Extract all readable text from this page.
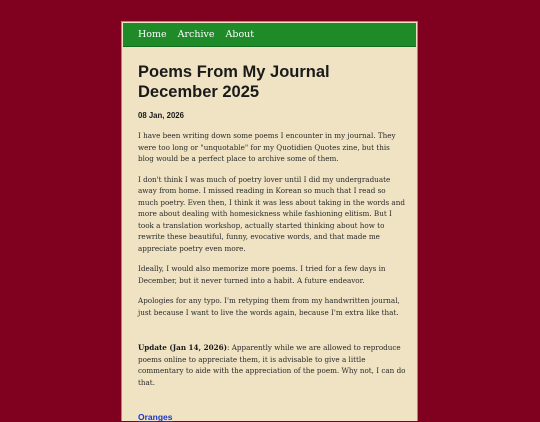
Home Archive About
Poems From My Journal December 2025
08 Jan, 2026

I have been writing down some poems I encounter in my journal. They were too long or "unquotable" for my Quotidien Quotes zine, but this blog would be a perfect place to archive some of them.

I don't think I was much of poetry lover until I did my undergraduate away from home. I missed reading in Korean so much that I read so much poetry. Even then, I think it was less about taking in the words and more about dealing with homesickness while fashioning elitism. But I took a translation workshop, actually started thinking about how to rewrite these beautiful, funny, evocative words, and that made me appreciate poetry even more.

Ideally, I would also memorize more poems. I tried for a few days in December, but it never turned into a habit. A future endeavor.

Apologies for any typo. I'm retyping them from my handwritten journal, just because I want to live the words again, because I'm extra like that.

Update (Jan 14, 2026): Apparently while we are allowed to reproduce poems online to appreciate them, it is advisable to give a little commentary to aide with the appreciation of the poem. Why not, I can do that.

Oranges
